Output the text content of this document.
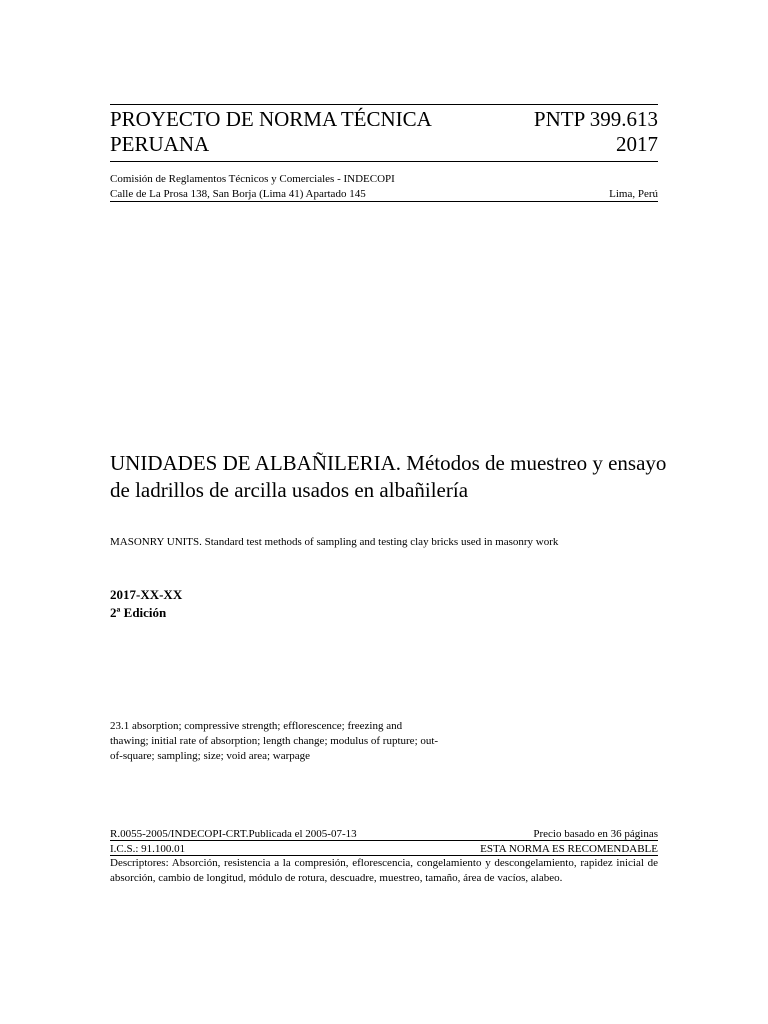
PROYECTO DE NORMA TÉCNICA
PERUANA
PNTP 399.613
2017
Comisión de Reglamentos Técnicos y Comerciales - INDECOPI
Calle de La Prosa 138, San Borja (Lima 41) Apartado 145	Lima, Perú
UNIDADES DE ALBAÑILERIA. Métodos de muestreo y ensayo de ladrillos de arcilla usados en albañilería
MASONRY UNITS. Standard test methods of sampling and testing clay bricks used in masonry work
2017-XX-XX
2ª Edición
23.1 absorption; compressive strength; efflorescence; freezing and thawing; initial rate of absorption; length change; modulus of rupture; out-of-square; sampling; size; void area; warpage
R.0055-2005/INDECOPI-CRT.Publicada el 2005-07-13	Precio basado en 36 páginas
I.C.S.: 91.100.01	ESTA NORMA ES RECOMENDABLE
Descriptores: Absorción, resistencia a la compresión, eflorescencia, congelamiento y descongelamiento, rapidez inicial de absorción, cambio de longitud, módulo de rotura, descuadre, muestreo, tamaño, área de vacíos, alabeo.
